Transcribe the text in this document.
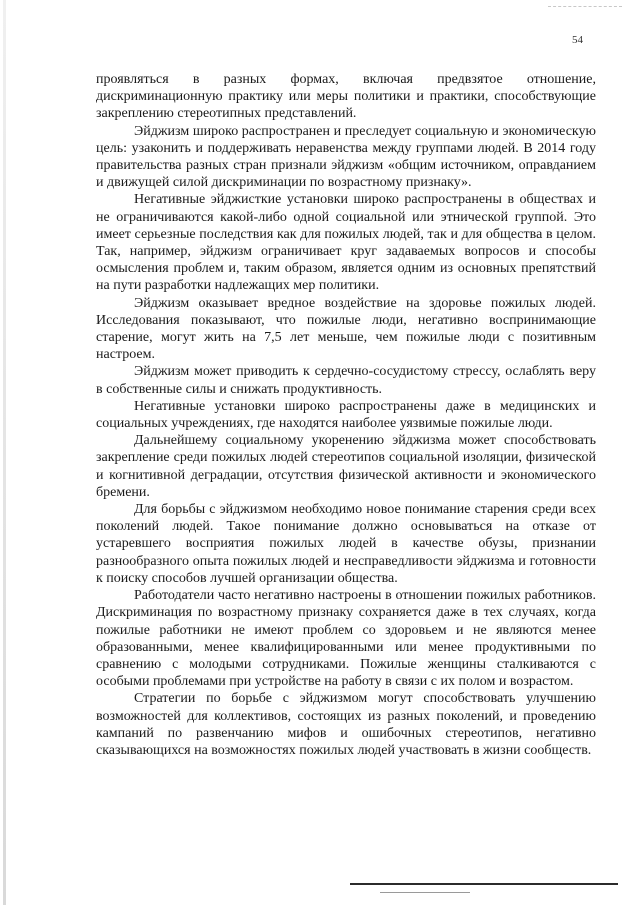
54

проявляться в разных формах, включая предвзятое отношение, дискриминационную практику или меры политики и практики, способствующие закреплению стереотипных представлений.

Эйджизм широко распространен и преследует социальную и экономическую цель: узаконить и поддерживать неравенства между группами людей. В 2014 году правительства разных стран признали эйджизм «общим источником, оправданием и движущей силой дискриминации по возрастному признаку».

Негативные эйджисткие установки широко распространены в обществах и не ограничиваются какой-либо одной социальной или этнической группой. Это имеет серьезные последствия как для пожилых людей, так и для общества в целом. Так, например, эйджизм ограничивает круг задаваемых вопросов и способы осмысления проблем и, таким образом, является одним из основных препятствий на пути разработки надлежащих мер политики.

Эйджизм оказывает вредное воздействие на здоровье пожилых людей. Исследования показывают, что пожилые люди, негативно воспринимающие старение, могут жить на 7,5 лет меньше, чем пожилые люди с позитивным настроем.

Эйджизм может приводить к сердечно-сосудистому стрессу, ослаблять веру в собственные силы и снижать продуктивность.

Негативные установки широко распространены даже в медицинских и социальных учреждениях, где находятся наиболее уязвимые пожилые люди.

Дальнейшему социальному укоренению эйджизма может способствовать закрепление среди пожилых людей стереотипов социальной изоляции, физической и когнитивной деградации, отсутствия физической активности и экономического бремени.

Для борьбы с эйджизмом необходимо новое понимание старения среди всех поколений людей. Такое понимание должно основываться на отказе от устаревшего восприятия пожилых людей в качестве обузы, признании разнообразного опыта пожилых людей и несправедливости эйджизма и готовности к поиску способов лучшей организации общества.

Работодатели часто негативно настроены в отношении пожилых работников. Дискриминация по возрастному признаку сохраняется даже в тех случаях, когда пожилые работники не имеют проблем со здоровьем и не являются менее образованными, менее квалифицированными или менее продуктивными по сравнению с молодыми сотрудниками. Пожилые женщины сталкиваются с особыми проблемами при устройстве на работу в связи с их полом и возрастом.

Стратегии по борьбе с эйджизмом могут способствовать улучшению возможностей для коллективов, состоящих из разных поколений, и проведению кампаний по развенчанию мифов и ошибочных стереотипов, негативно сказывающихся на возможностях пожилых людей участвовать в жизни сообществ.
